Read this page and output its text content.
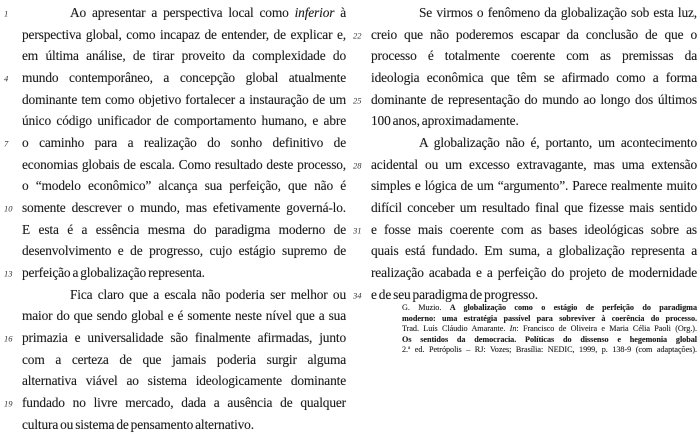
1	Ao apresentar a perspectiva local como inferior à
perspectiva global, como incapaz de entender, de explicar e,
em última análise, de tirar proveito da complexidade do
4	mundo contemporâneo, a concepção global atualmente
dominante tem como objetivo fortalecer a instauração de um
único código unificador de comportamento humano, e abre
7	o caminho para a realização do sonho definitivo de
economias globais de escala. Como resultado deste processo,
o “modelo econômico” alcança sua perfeição, que não é
10 somente descrever o mundo, mas efetivamente governá-lo.
E esta é a essência mesma do paradigma moderno de
desenvolvimento e de progresso, cujo estágio supremo de
13 perfeição a globalização representa.
Fica claro que a escala não poderia ser melhor ou
maior do que sendo global e é somente neste nível que a sua
16 primazia e universalidade são finalmente afirmadas, junto
com a certeza de que jamais poderia surgir alguma
alternativa viável ao sistema ideologicamente dominante
19 fundado no livre mercado, dada a ausência de qualquer
cultura ou sistema de pensamento alternativo.
Se virmos o fenômeno da globalização sob esta luz,
22 creio que não poderemos escapar da conclusão de que o
processo é totalmente coerente com as premissas da
ideologia econômica que têm se afirmado como a forma
25 dominante de representação do mundo ao longo dos últimos
100 anos, aproximadamente.
A globalização não é, portanto, um acontecimento
28 acidental ou um excesso extravagante, mas uma extensão
simples e lógica de um “argumento”. Parece realmente muito
difícil conceber um resultado final que fizesse mais sentido
31 e fosse mais coerente com as bases ideológicas sobre as
quais está fundado. Em suma, a globalização representa a
realização acabada e a perfeição do projeto de modernidade
34 e de seu paradigma de progresso.
G. Muzio. A globalização como o estágio de perfeição do paradigma
moderno: uma estratégia passível para sobreviver à coerência do processo.
Trad. Luís Cláudio Amarante. In: Francisco de Oliveira e Maria Célia Paoli (Org.).
Os sentidos da democracia. Políticas do dissenso e hegemonia global
2.ª ed. Petrópolis – RJ: Vozes; Brasília: NEDIC, 1999, p. 138-9 (com adaptações).
